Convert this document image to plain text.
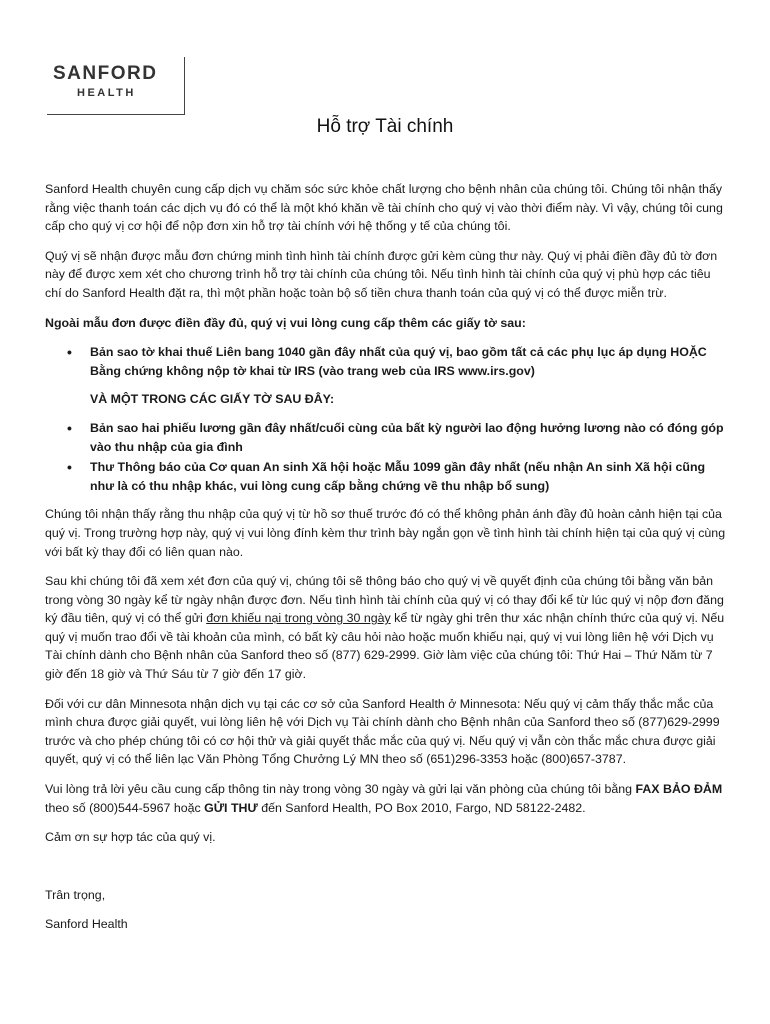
SANFORD
HEALTH
Hỗ trợ Tài chính

Sanford Health chuyên cung cấp dịch vụ chăm sóc sức khỏe chất lượng cho bệnh nhân của chúng tôi. Chúng tôi nhận thấy rằng việc thanh toán các dịch vụ đó có thể là một khó khăn về tài chính cho quý vị vào thời điểm này. Vì vậy, chúng tôi cung cấp cho quý vị cơ hội để nộp đơn xin hỗ trợ tài chính với hệ thống y tế của chúng tôi.

Quý vị sẽ nhận được mẫu đơn chứng minh tình hình tài chính được gửi kèm cùng thư này. Quý vị phải điền đầy đủ tờ đơn này để được xem xét cho chương trình hỗ trợ tài chính của chúng tôi. Nếu tình hình tài chính của quý vị phù hợp các tiêu chí do Sanford Health đặt ra, thì một phần hoặc toàn bộ số tiền chưa thanh toán của quý vị có thể được miễn trừ.

Ngoài mẫu đơn được điền đầy đủ, quý vị vui lòng cung cấp thêm các giấy tờ sau:

• Bản sao tờ khai thuế Liên bang 1040 gần đây nhất của quý vị, bao gồm tất cả các phụ lục áp dụng HOẶC Bằng chứng không nộp tờ khai từ IRS (vào trang web của IRS www.irs.gov)
VÀ MỘT TRONG CÁC GIẤY TỜ SAU ĐÂY:
• Bản sao hai phiếu lương gần đây nhất/cuối cùng của bất kỳ người lao động hưởng lương nào có đóng góp vào thu nhập của gia đình
• Thư Thông báo của Cơ quan An sinh Xã hội hoặc Mẫu 1099 gần đây nhất (nếu nhận An sinh Xã hội cũng như là có thu nhập khác, vui lòng cung cấp bằng chứng về thu nhập bổ sung)

Chúng tôi nhận thấy rằng thu nhập của quý vị từ hồ sơ thuế trước đó có thể không phản ánh đầy đủ hoàn cảnh hiện tại của quý vị. Trong trường hợp này, quý vị vui lòng đính kèm thư trình bày ngắn gọn về tình hình tài chính hiện tại của quý vị cùng với bất kỳ thay đổi có liên quan nào.

Sau khi chúng tôi đã xem xét đơn của quý vị, chúng tôi sẽ thông báo cho quý vị về quyết định của chúng tôi bằng văn bản trong vòng 30 ngày kể từ ngày nhận được đơn. Nếu tình hình tài chính của quý vị có thay đổi kể từ lúc quý vị nộp đơn đăng ký đầu tiên, quý vị có thể gửi đơn khiếu nại trong vòng 30 ngày kể từ ngày ghi trên thư xác nhận chính thức của quý vị. Nếu quý vị muốn trao đổi về tài khoản của mình, có bất kỳ câu hỏi nào hoặc muốn khiếu nại, quý vị vui lòng liên hệ với Dịch vụ Tài chính dành cho Bệnh nhân của Sanford theo số (877) 629-2999. Giờ làm việc của chúng tôi: Thứ Hai – Thứ Năm từ 7 giờ đến 18 giờ và Thứ Sáu từ 7 giờ đến 17 giờ.

Đối với cư dân Minnesota nhận dịch vụ tại các cơ sở của Sanford Health ở Minnesota: Nếu quý vị cảm thấy thắc mắc của mình chưa được giải quyết, vui lòng liên hệ với Dịch vụ Tài chính dành cho Bệnh nhân của Sanford theo số (877)629-2999 trước và cho phép chúng tôi có cơ hội thử và giải quyết thắc mắc của quý vị. Nếu quý vị vẫn còn thắc mắc chưa được giải quyết, quý vị có thể liên lạc Văn Phòng Tổng Chưởng Lý MN theo số (651)296-3353 hoặc (800)657-3787.

Vui lòng trả lời yêu cầu cung cấp thông tin này trong vòng 30 ngày và gửi lại văn phòng của chúng tôi bằng FAX BẢO ĐẢM theo số (800)544-5967 hoặc GỬI THƯ đến Sanford Health, PO Box 2010, Fargo, ND 58122-2482.

Cảm ơn sự hợp tác của quý vị.

Trân trọng,

Sanford Health
